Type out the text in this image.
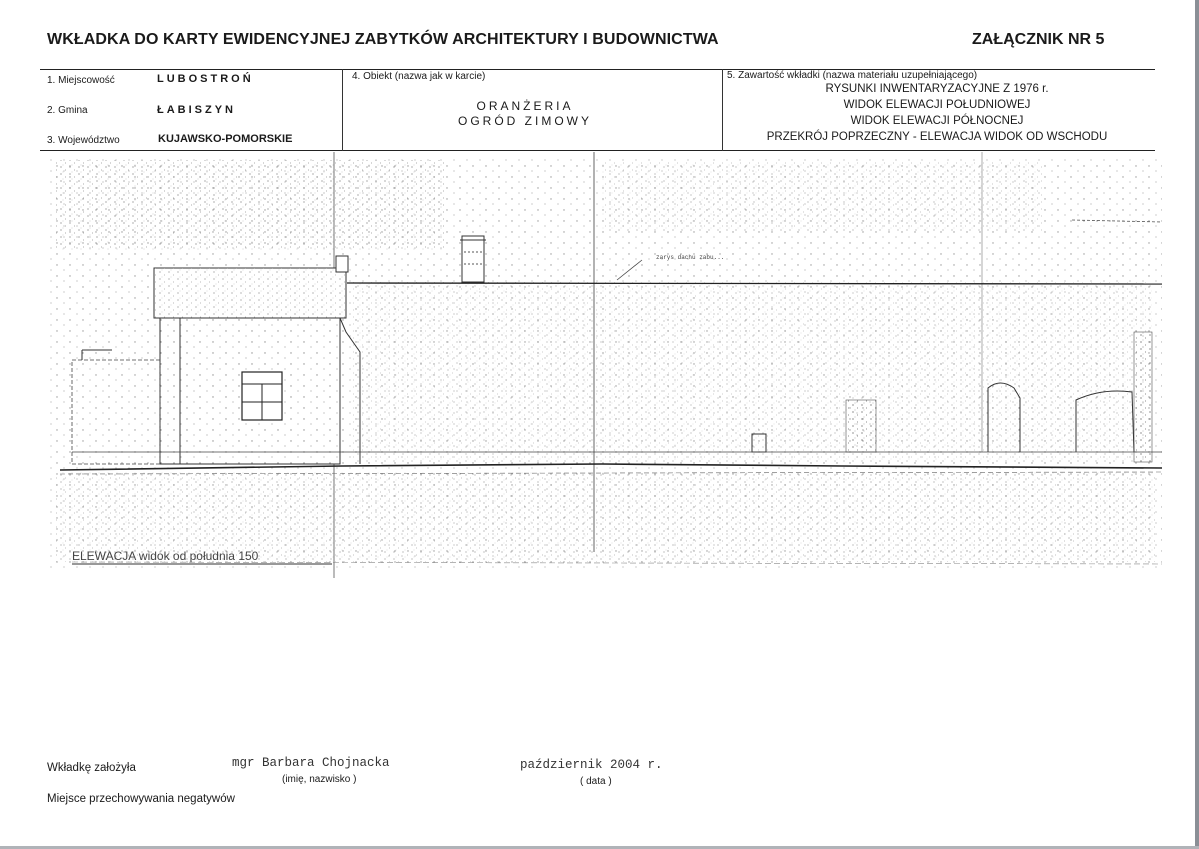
WKŁADKA DO KARTY EWIDENCYJNEJ ZABYTKÓW ARCHITEKTURY I BUDOWNICTWA	ZAŁĄCZNIK NR 5
1. Miejscowość	LUBOSTROŃ
2. Gmina	ŁABISZYN
3. Województwo	KUJAWSKO-POMORSKIE
4. Obiekt (nazwa jak w karcie)
ORANŻERIA
OGRÓD ZIMOWY
5. Zawartość wkładki (nazwa materiału uzupełniającego)
RYSUNKI INWENTARYZACYJNE Z 1976 r.
WIDOK ELEWACJI POŁUDNIOWEJ
WIDOK ELEWACJI PÓŁNOCNEJ
PRZEKRÓJ POPRZECZNY - ELEWACJA WIDOK OD WSCHODU
zarys dachu zabu...
ELEWACJA widok od południa 150
Wkładkę założyła	mgr Barbara Chojnacka
(imię, nazwisko )
październik 2004 r.
( data )
Miejsce przechowywania negatywów
